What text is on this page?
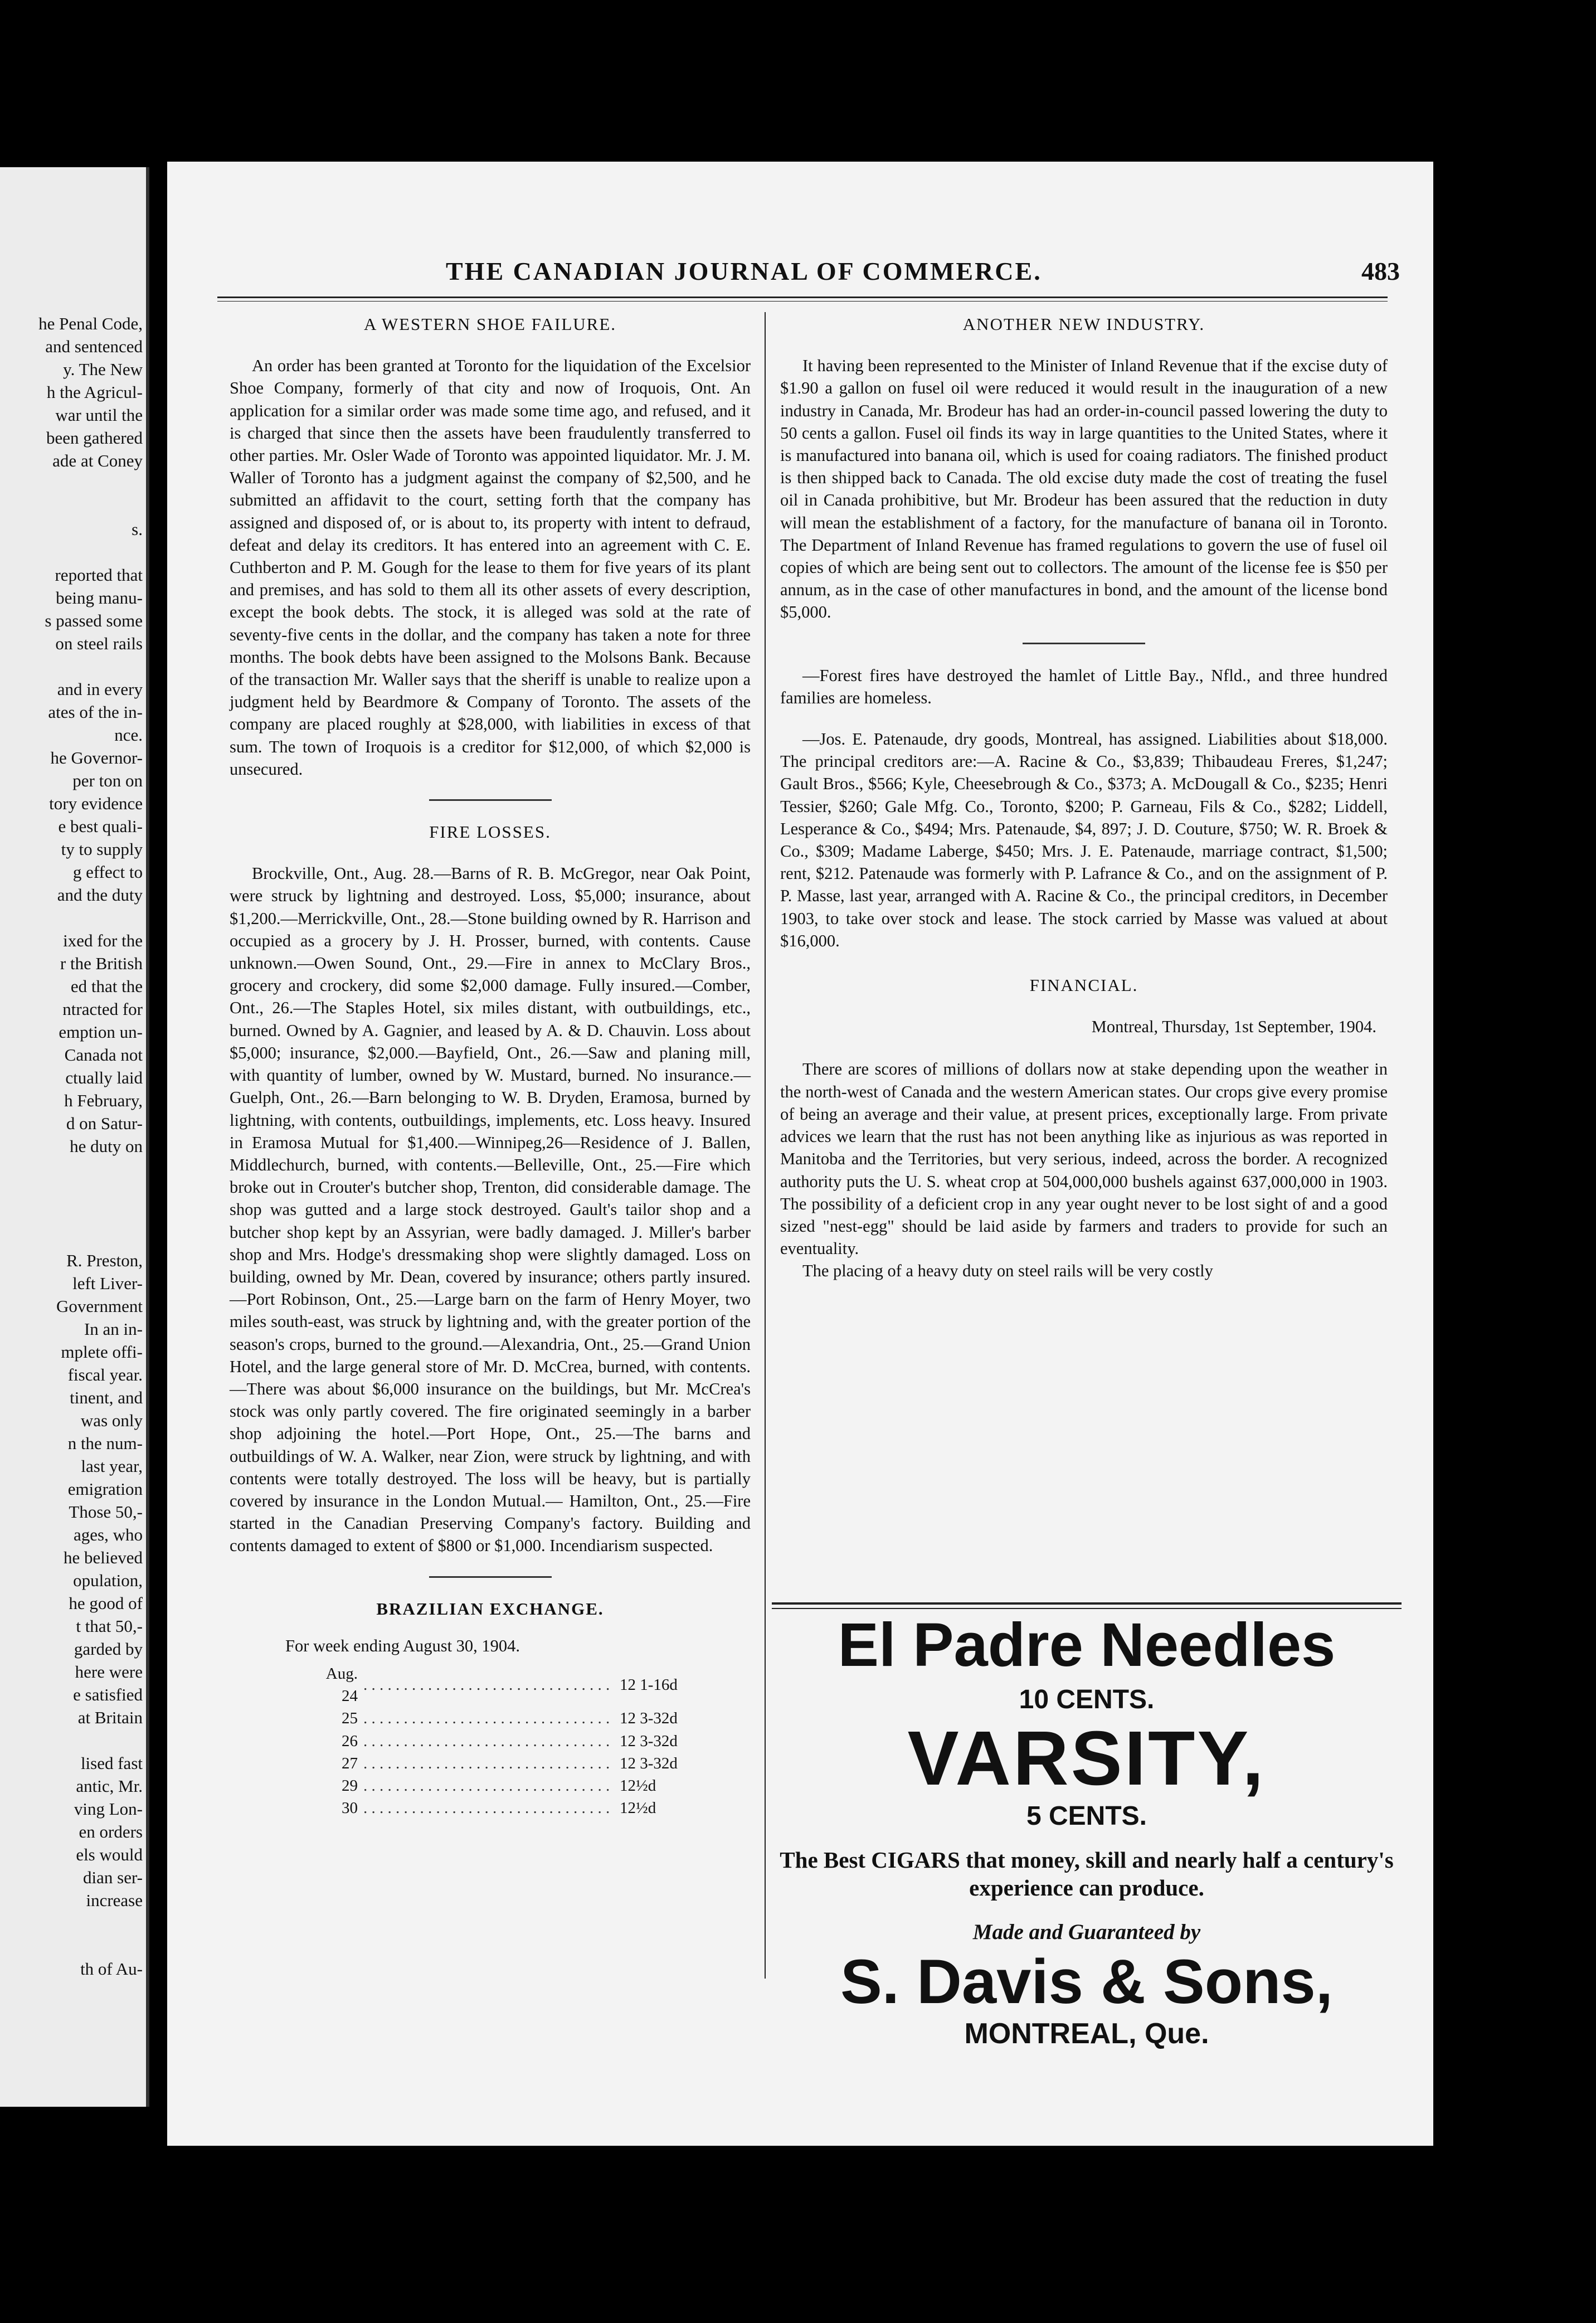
he Penal Code,
and sentenced
y. The New
h the Agricul-
war until the
been gathered
ade at Coney
s.
reported that
being manu-
s passed some
on steel rails
and in every
ates of the in-
nce.
he Governor-
per ton on
tory evidence
e best quali-
ty to supply
g effect to
and the duty
ixed for the
r the British
ed that the
ntracted for
emption un-
Canada not
ctually laid
h February,
d on Satur-
he duty on
R. Preston,
left Liver-
Government
In an in-
mplete offi-
fiscal year.
tinent, and
was only
n the num-
last year,
emigration
Those 50,-
ages, who
he believed
opulation,
he good of
t that 50,-
garded by
here were
e satisfied
at Britain
lised fast
antic, Mr.
ving Lon-
en orders
els would
dian ser-
increase
th of Au-
THE CANADIAN JOURNAL OF COMMERCE.	483
A WESTERN SHOE FAILURE.

An order has been granted at Toronto for the liquidation of the Excelsior Shoe Company, formerly of that city and now of Iroquois, Ont. An application for a similar order was made some time ago, and refused, and it is charged that since then the assets have been fraudulently transferred to other parties. Mr. Osler Wade of Toronto was appointed liquidator. Mr. J. M. Waller of Toronto has a judgment against the company of $2,500, and he submitted an affidavit to the court, setting forth that the company has assigned and disposed of, or is about to, its property with intent to defraud, defeat and delay its creditors. It has entered into an agreement with C. E. Cuthberton and P. M. Gough for the lease to them for five years of its plant and premises, and has sold to them all its other assets of every description, except the book debts. The stock, it is alleged was sold at the rate of seventy-five cents in the dollar, and the company has taken a note for three months. The book debts have been assigned to the Molsons Bank. Because of the transaction Mr. Waller says that the sheriff is unable to realize upon a judgment held by Beardmore & Company of Toronto. The assets of the company are placed roughly at $28,000, with liabilities in excess of that sum. The town of Iroquois is a creditor for $12,000, of which $2,000 is unsecured.

FIRE LOSSES.

Brockville, Ont., Aug. 28.—Barns of R. B. McGregor, near Oak Point, were struck by lightning and destroyed. Loss, $5,000; insurance, about $1,200.—Merrickville, Ont., 28.—Stone building owned by R. Harrison and occupied as a grocery by J. H. Prosser, burned, with contents. Cause unknown.—Owen Sound, Ont., 29.—Fire in annex to McClary Bros., grocery and crockery, did some $2,000 damage. Fully insured.—Comber, Ont., 26.—The Staples Hotel, six miles distant, with outbuildings, etc., burned. Owned by A. Gagnier, and leased by A. & D. Chauvin. Loss about $5,000; insurance, $2,000.—Bayfield, Ont., 26.—Saw and planing mill, with quantity of lumber, owned by W. Mustard, burned. No insurance.—Guelph, Ont., 26.—Barn belonging to W. B. Dryden, Eramosa, burned by lightning, with contents, outbuildings, implements, etc. Loss heavy. Insured in Eramosa Mutual for $1,400.—Winnipeg,26—Residence of J. Ballen, Middlechurch, burned, with contents.—Belleville, Ont., 25.—Fire which broke out in Crouter's butcher shop, Trenton, did considerable damage. The shop was gutted and a large stock destroyed. Gault's tailor shop and a butcher shop kept by an Assyrian, were badly damaged. J. Miller's barber shop and Mrs. Hodge's dressmaking shop were slightly damaged. Loss on building, owned by Mr. Dean, covered by insurance; others partly insured.—Port Robinson, Ont., 25.—Large barn on the farm of Henry Moyer, two miles south-east, was struck by lightning and, with the greater portion of the season's crops, burned to the ground.—Alexandria, Ont., 25.—Grand Union Hotel, and the large general store of Mr. D. McCrea, burned, with contents.—There was about $6,000 insurance on the buildings, but Mr. McCrea's stock was only partly covered. The fire originated seemingly in a barber shop adjoining the hotel.—Port Hope, Ont., 25.—The barns and outbuildings of W. A. Walker, near Zion, were struck by lightning, and with contents were totally destroyed. The loss will be heavy, but is partially covered by insurance in the London Mutual.— Hamilton, Ont., 25.—Fire started in the Canadian Preserving Company's factory. Building and contents damaged to extent of $800 or $1,000. Incendiarism suspected.

BRAZILIAN EXCHANGE.
For week ending August 30, 1904.
Aug. 24	. . . . . . . . . . . . . . . . . . . . . . . . . . . . . . .	12 1-16d
25	. . . . . . . . . . . . . . . . . . . . . . . . . . . . . . .	12 3-32d
26	. . . . . . . . . . . . . . . . . . . . . . . . . . . . . . .	12 3-32d
27	. . . . . . . . . . . . . . . . . . . . . . . . . . . . . . .	12 3-32d
29	. . . . . . . . . . . . . . . . . . . . . . . . . . . . . . .	12½d
30	. . . . . . . . . . . . . . . . . . . . . . . . . . . . . . .	12½d
ANOTHER NEW INDUSTRY.

It having been represented to the Minister of Inland Revenue that if the excise duty of $1.90 a gallon on fusel oil were reduced it would result in the inauguration of a new industry in Canada, Mr. Brodeur has had an order-in-council passed lowering the duty to 50 cents a gallon. Fusel oil finds its way in large quantities to the United States, where it is manufactured into banana oil, which is used for coaing radiators. The finished product is then shipped back to Canada. The old excise duty made the cost of treating the fusel oil in Canada prohibitive, but Mr. Brodeur has been assured that the reduction in duty will mean the establishment of a factory, for the manufacture of banana oil in Toronto. The Department of Inland Revenue has framed regulations to govern the use of fusel oil copies of which are being sent out to collectors. The amount of the license fee is $50 per annum, as in the case of other manufactures in bond, and the amount of the license bond $5,000.

—Forest fires have destroyed the hamlet of Little Bay., Nfld., and three hundred families are homeless.

—Jos. E. Patenaude, dry goods, Montreal, has assigned. Liabilities about $18,000. The principal creditors are:—A. Racine & Co., $3,839; Thibaudeau Freres, $1,247; Gault Bros., $566; Kyle, Cheesebrough & Co., $373; A. McDougall & Co., $235; Henri Tessier, $260; Gale Mfg. Co., Toronto, $200; P. Garneau, Fils & Co., $282; Liddell, Lesperance & Co., $494; Mrs. Patenaude, $4, 897; J. D. Couture, $750; W. R. Broek & Co., $309; Madame Laberge, $450; Mrs. J. E. Patenaude, marriage contract, $1,500; rent, $212. Patenaude was formerly with P. Lafrance & Co., and on the assignment of P. P. Masse, last year, arranged with A. Racine & Co., the principal creditors, in December 1903, to take over stock and lease. The stock carried by Masse was valued at about $16,000.

FINANCIAL.
Montreal, Thursday, 1st September, 1904.

There are scores of millions of dollars now at stake depending upon the weather in the north-west of Canada and the western American states. Our crops give every promise of being an average and their value, at present prices, exceptionally large. From private advices we learn that the rust has not been anything like as injurious as was reported in Manitoba and the Territories, but very serious, indeed, across the border. A recognized authority puts the U. S. wheat crop at 504,000,000 bushels against 637,000,000 in 1903. The possibility of a deficient crop in any year ought never to be lost sight of and a good sized "nest-egg" should be laid aside by farmers and traders to provide for such an eventuality.

The placing of a heavy duty on steel rails will be very costly

El Padre Needles
10 CENTS.
VARSITY,
5 CENTS.
The Best CIGARS that money, skill and nearly half a century's experience can produce.
Made and Guaranteed by
S. Davis & Sons,
MONTREAL, Que.
